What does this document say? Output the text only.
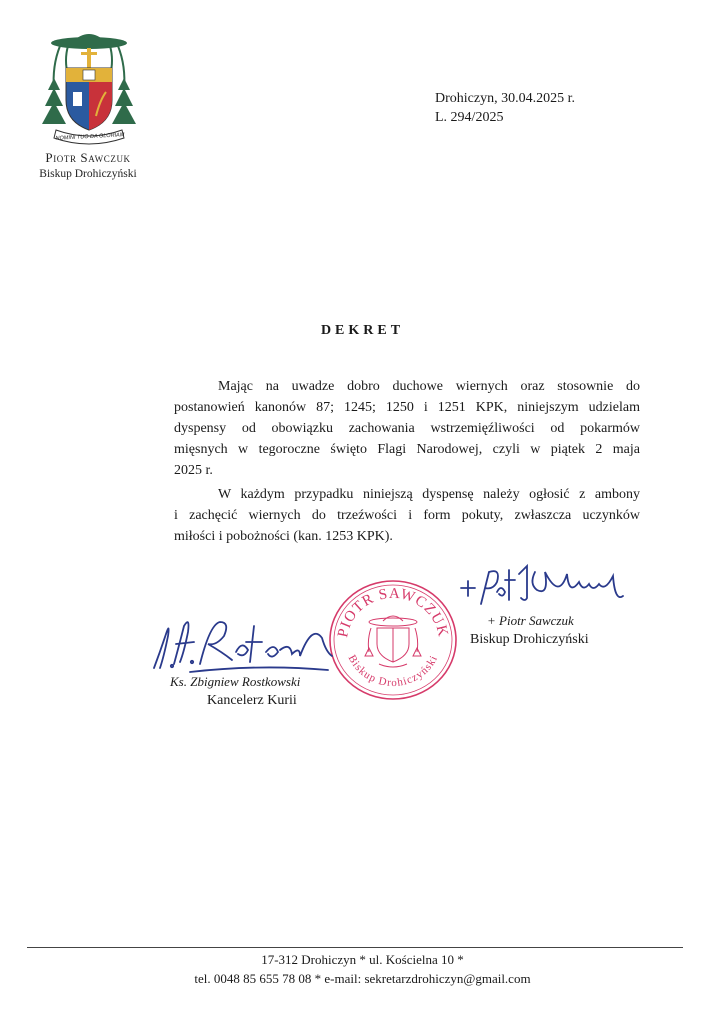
NOMINI TUO DA GLORIAM
Piotr Sawczuk
Biskup Drohiczyński
Drohiczyn, 30.04.2025 r.
L. 294/2025
DEKRET

Mając na uwadze dobro duchowe wiernych oraz stosownie do
postanowień kanonów 87; 1245; 1250 i 1251 KPK, niniejszym udzielam
dyspensy od obowiązku zachowania wstrzemięźliwości od pokarmów
mięsnych w tegoroczne święto Flagi Narodowej, czyli w piątek 2 maja
2025 r.

W każdym przypadku niniejszą dyspensę należy ogłosić z ambony
i zachęcić wiernych do trzeźwości i form pokuty, zwłaszcza uczynków
miłości i pobożności (kan. 1253 KPK).

PIOTR SAWCZUK
Biskup Drohiczyński
+ Piotr Sawczuk
Biskup Drohiczyński
Ks. Zbigniew Rostkowski
Kancelerz Kurii
17-312 Drohiczyn * ul. Kościelna 10 *
tel. 0048 85 655 78 08 * e-mail: sekretarzdrohiczyn@gmail.com
